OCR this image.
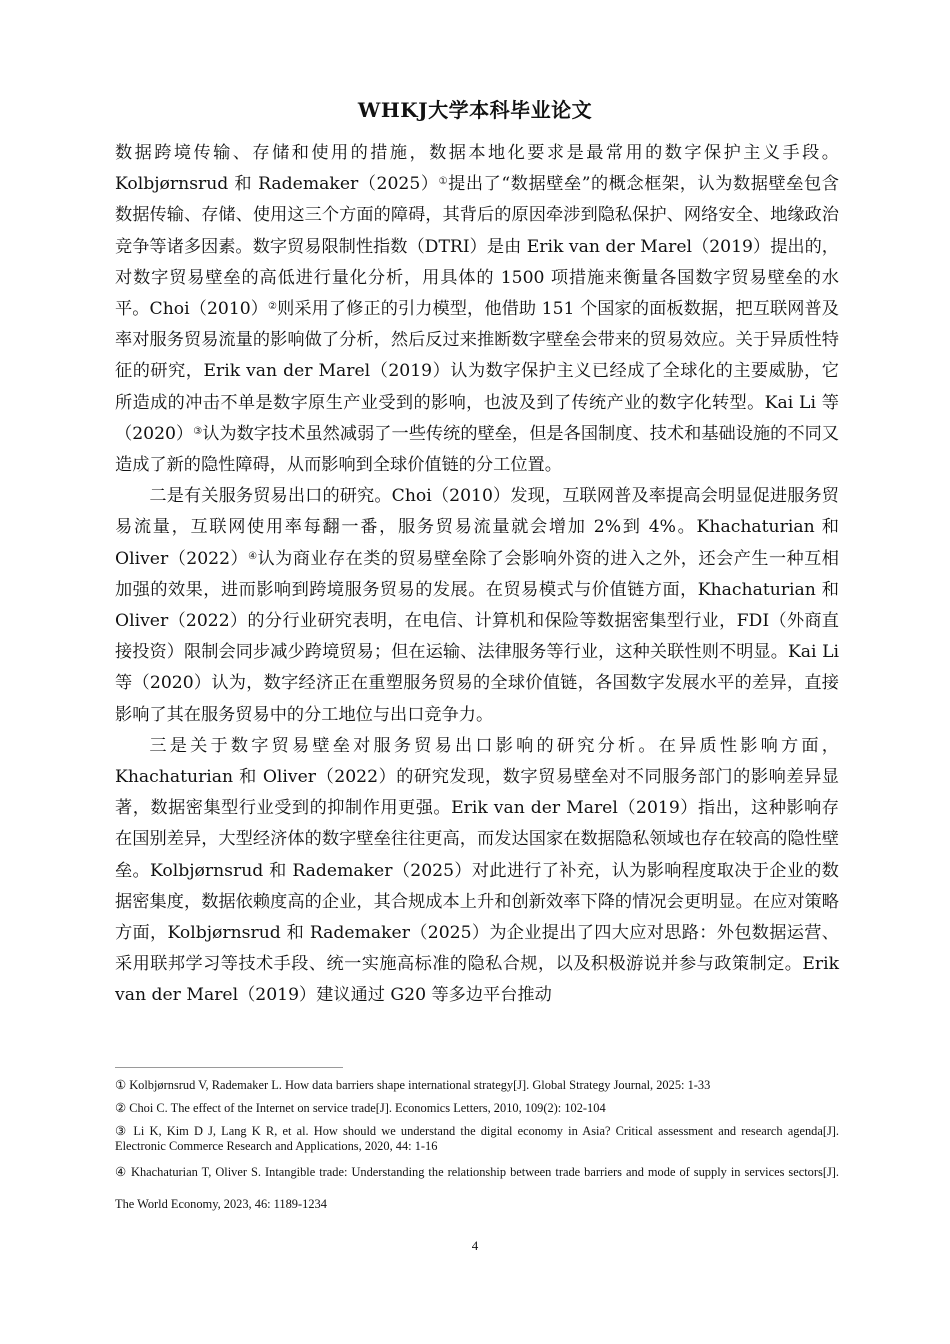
WHKJ大学本科毕业论文

数据跨境传输、存储和使用的措施，数据本地化要求是最常用的数字保护主义手段。Kolbjørnsrud 和 Rademaker（2025）①提出了“数据壁垒”的概念框架，认为数据壁垒包含数据传输、存储、使用这三个方面的障碍，其背后的原因牵涉到隐私保护、网络安全、地缘政治竞争等诸多因素。数字贸易限制性指数（DTRI）是由 Erik van der Marel（2019）提出的，对数字贸易壁垒的高低进行量化分析，用具体的 1500 项措施来衡量各国数字贸易壁垒的水平。Choi（2010）②则采用了修正的引力模型，他借助 151 个国家的面板数据，把互联网普及率对服务贸易流量的影响做了分析，然后反过来推断数字壁垒会带来的贸易效应。关于异质性特征的研究，Erik van der Marel（2019）认为数字保护主义已经成了全球化的主要威胁，它所造成的冲击不单是数字原生产业受到的影响，也波及到了传统产业的数字化转型。Kai Li 等（2020）③认为数字技术虽然减弱了一些传统的壁垒，但是各国制度、技术和基础设施的不同又造成了新的隐性障碍，从而影响到全球价值链的分工位置。

二是有关服务贸易出口的研究。Choi（2010）发现，互联网普及率提高会明显促进服务贸易流量，互联网使用率每翻一番，服务贸易流量就会增加 2%到 4%。Khachaturian 和 Oliver（2022）④认为商业存在类的贸易壁垒除了会影响外资的进入之外，还会产生一种互相加强的效果，进而影响到跨境服务贸易的发展。在贸易模式与价值链方面，Khachaturian 和 Oliver（2022）的分行业研究表明，在电信、计算机和保险等数据密集型行业，FDI（外商直接投资）限制会同步减少跨境贸易；但在运输、法律服务等行业，这种关联性则不明显。Kai Li 等（2020）认为，数字经济正在重塑服务贸易的全球价值链，各国数字发展水平的差异，直接影响了其在服务贸易中的分工地位与出口竞争力。

三是关于数字贸易壁垒对服务贸易出口影响的研究分析。在异质性影响方面，Khachaturian 和 Oliver（2022）的研究发现，数字贸易壁垒对不同服务部门的影响差异显著，数据密集型行业受到的抑制作用更强。Erik van der Marel（2019）指出，这种影响存在国别差异，大型经济体的数字壁垒往往更高，而发达国家在数据隐私领域也存在较高的隐性壁垒。Kolbjørnsrud 和 Rademaker（2025）对此进行了补充，认为影响程度取决于企业的数据密集度，数据依赖度高的企业，其合规成本上升和创新效率下降的情况会更明显。在应对策略方面，Kolbjørnsrud 和 Rademaker（2025）为企业提出了四大应对思路：外包数据运营、采用联邦学习等技术手段、统一实施高标准的隐私合规，以及积极游说并参与政策制定。Erik van der Marel（2019）建议通过 G20 等多边平台推动

① Kolbjørnsrud V, Rademaker L. How data barriers shape international strategy[J]. Global Strategy Journal, 2025: 1-33

② Choi C. The effect of the Internet on service trade[J]. Economics Letters, 2010, 109(2): 102-104

③ Li K, Kim D J, Lang K R, et al. How should we understand the digital economy in Asia? Critical assessment and research agenda[J]. Electronic Commerce Research and Applications, 2020, 44: 1-16

④ Khachaturian T, Oliver S. Intangible trade: Understanding the relationship between trade barriers and mode of supply in services sectors[J]. The World Economy, 2023, 46: 1189-1234

4
